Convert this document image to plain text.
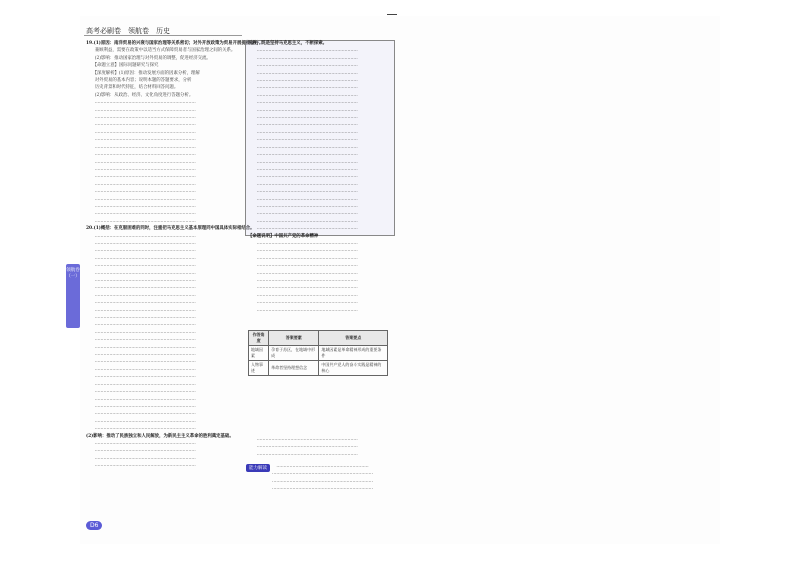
高考必刷卷　领航卷　历史
领航卷（一）

19.(1)原因：南洋贸易的兴衰与国家治理等关系密切；对外开放政策为贸易开展提供条件。

　　兼顾利益，需要在政策中以适当方式保障贸易者与国家治理之间的关系。

　　(2)影响：推动国家治理与对外贸易的调整，促进经济交流。

　　【命题立意】国际问题研究与探究

　　【深度解析】(1)原因：推动发展方面的因素分析，理解

　　对外贸易的基本内容；说明本题的答题要求，分析

　　历史背景和时代特征，结合材料回答问题。

　　(2)影响：从政治、经济、文化角度进行答题分析。

　　……………………………………………………………

　　……………………………………………………………

　　……………………………………………………………

　　……………………………………………………………

　　……………………………………………………………

　　……………………………………………………………

　　……………………………………………………………

　　……………………………………………………………

　　……………………………………………………………

　　……………………………………………………………

　　……………………………………………………………

　　……………………………………………………………

　　……………………………………………………………

　　……………………………………………………………

　　……………………………………………………………

　　……………………………………………………………

　　……………………………………………………………

20.(1)概括：在克服困难的同时，注重把马克思主义基本原理同中国具体实际相结合。

　　……………………………………………………………

　　……………………………………………………………

　　……………………………………………………………

　　……………………………………………………………

　　……………………………………………………………

　　……………………………………………………………

　　……………………………………………………………

　　……………………………………………………………

　　……………………………………………………………

　　……………………………………………………………

　　……………………………………………………………

　　……………………………………………………………

　　……………………………………………………………

　　……………………………………………………………

　　……………………………………………………………

　　……………………………………………………………

　　……………………………………………………………

　　……………………………………………………………

　　……………………………………………………………

　　……………………………………………………………

　　……………………………………………………………

　　……………………………………………………………

　　……………………………………………………………

　　……………………………………………………………

　　……………………………………………………………

　　……………………………………………………………

　　……………………………………………………………

(2)影响：推动了民族独立和人民解放，为新民主主义革命的胜利奠定基础。

　　……………………………………………………………

　　……………………………………………………………

　　……………………………………………………………

　　……………………………………………………………

民族，既是坚持马克思主义，不断探索。

　　……………………………………………………………

　　……………………………………………………………

　　……………………………………………………………

　　……………………………………………………………

　　……………………………………………………………

　　……………………………………………………………

　　……………………………………………………………

　　……………………………………………………………

　　……………………………………………………………

　　……………………………………………………………

　　……………………………………………………………

　　……………………………………………………………

　　……………………………………………………………

　　……………………………………………………………

　　……………………………………………………………

　　……………………………………………………………

　　……………………………………………………………

　　……………………………………………………………

　　……………………………………………………………

　　……………………………………………………………

　　……………………………………………………………

　　……………………………………………………………

　　……………………………………………………………

　　……………………………………………………………

　　……………………………………………………………

【命题说明】中国共产党的革命精神

　　……………………………………………………………

　　……………………………………………………………

　　……………………………………………………………

　　……………………………………………………………

　　……………………………………………………………

　　……………………………………………………………

　　……………………………………………………………

　　……………………………………………………………

　　……………………………………………………………

　　……………………………………………………………

作答角度	答案要素	答案要点
地域因素	孕育于苏区，在地域中形成	地域因素是革命精神形成的重要条件
人物事迹	革命者坚持理想信念	中国共产党人的奋斗实践是精神的核心

　　……………………………………………………………

　　……………………………………………………………

　　……………………………………………………………

能力解读	　………………………………………………………

……………………………………………………………

……………………………………………………………

……………………………………………………………

D6
